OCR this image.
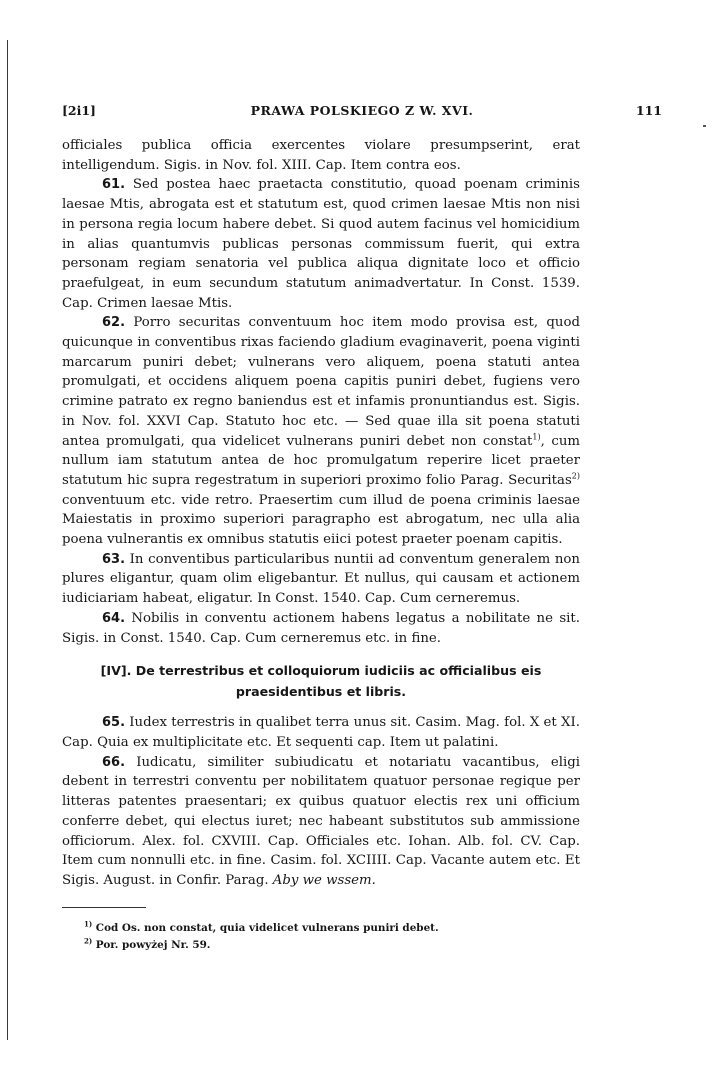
[2i1]	PRAWA POLSKIEGO Z W. XVI.	111

officiales publica officia exercentes violare presumpserint, erat intelligendum. Sigis. in Nov. fol. XIII. Cap. Item contra eos.

61. Sed postea haec praetacta constitutio, quoad poenam criminis laesae Mtis, abrogata est et statutum est, quod crimen laesae Mtis non nisi in persona regia locum habere debet. Si quod autem facinus vel homicidium in alias quantumvis publicas personas commissum fuerit, qui extra personam regiam senatoria vel publica aliqua dignitate loco et officio praefulgeat, in eum secundum statutum animadvertatur. In Const. 1539. Cap. Crimen laesae Mtis.

62. Porro securitas conventuum hoc item modo provisa est, quod quicunque in conventibus rixas faciendo gladium evaginaverit, poena viginti marcarum puniri debet; vulnerans vero aliquem, poena statuti antea promulgati, et occidens aliquem poena capitis puniri debet, fugiens vero crimine patrato ex regno baniendus est et infamis pronuntiandus est. Sigis. in Nov. fol. XXVI Cap. Statuto hoc etc. — Sed quae illa sit poena statuti antea promulgati, qua videlicet vulnerans puniri debet non constat$^{1)}$, cum nullum iam statutum antea de hoc promulgatum reperire licet praeter statutum hic supra regestratum in superiori proximo folio Parag. Securitas$^{2)}$ conventuum etc. vide retro. Praesertim cum illud de poena criminis laesae Maiestatis in proximo superiori paragrapho est abrogatum, nec ulla alia poena vulnerantis ex omnibus statutis eiici potest praeter poenam capitis.

63. In conventibus particularibus nuntii ad conventum generalem non plures eligantur, quam olim eligebantur. Et nullus, qui causam et actionem iudiciariam habeat, eligatur. In Const. 1540. Cap. Cum cerneremus.

64. Nobilis in conventu actionem habens legatus a nobilitate ne sit. Sigis. in Const. 1540. Cap. Cum cerneremus etc. in fine.

[IV]. De terrestribus et colloquiorum iudiciis ac officialibus eis praesidentibus et libris.

65. Iudex terrestris in qualibet terra unus sit. Casim. Mag. fol. X et XI. Cap. Quia ex multiplicitate etc. Et sequenti cap. Item ut palatini.

66. Iudicatu, similiter subiudicatu et notariatu vacantibus, eligi debent in terrestri conventu per nobilitatem quatuor personae regique per litteras patentes praesentari; ex quibus quatuor electis rex uni officium conferre debet, qui electus iuret; nec habeant substitutos sub ammissione officiorum. Alex. fol. CXVIII. Cap. Officiales etc. Iohan. Alb. fol. CV. Cap. Item cum nonnulli etc. in fine. Casim. fol. XCIIII. Cap. Vacante autem etc. Et Sigis. August. in Confir. Parag. Aby we wssem.

$^{1)}$ Cod Os. non constat, quia videlicet vulnerans puniri debet.

$^{2)}$ Por. powyżej Nr. 59.
